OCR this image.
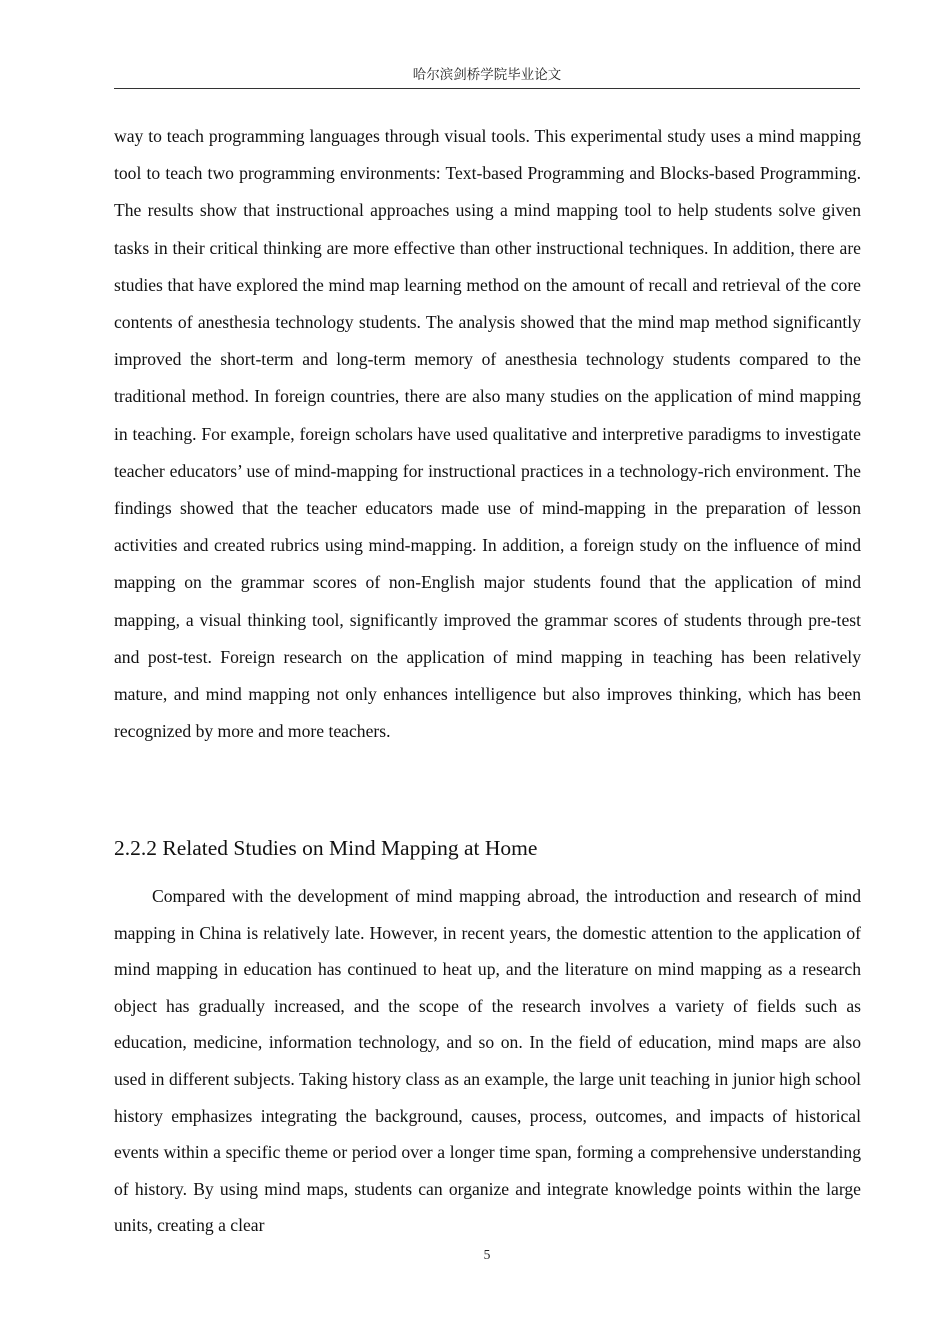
哈尔滨剑桥学院毕业论文

way to teach programming languages through visual tools. This experimental study uses a mind mapping tool to teach two programming environments: Text-based Programming and Blocks-based Programming. The results show that instructional approaches using a mind mapping tool to help students solve given tasks in their critical thinking are more effective than other instructional techniques. In addition, there are studies that have explored the mind map learning method on the amount of recall and retrieval of the core contents of anesthesia technology students. The analysis showed that the mind map method significantly improved the short-term and long-term memory of anesthesia technology students compared to the traditional method. In foreign countries, there are also many studies on the application of mind mapping in teaching. For example, foreign scholars have used qualitative and interpretive paradigms to investigate teacher educators’ use of mind-mapping for instructional practices in a technology-rich environment. The findings showed that the teacher educators made use of mind-mapping in the preparation of lesson activities and created rubrics using mind-mapping. In addition, a foreign study on the influence of mind mapping on the grammar scores of non-English major students found that the application of mind mapping, a visual thinking tool, significantly improved the grammar scores of students through pre-test and post-test. Foreign research on the application of mind mapping in teaching has been relatively mature, and mind mapping not only enhances intelligence but also improves thinking, which has been recognized by more and more teachers.

2.2.2 Related Studies on Mind Mapping at Home

Compared with the development of mind mapping abroad, the introduction and research of mind mapping in China is relatively late. However, in recent years, the domestic attention to the application of mind mapping in education has continued to heat up, and the literature on mind mapping as a research object has gradually increased, and the scope of the research involves a variety of fields such as education, medicine, information technology, and so on. In the field of education, mind maps are also used in different subjects. Taking history class as an example, the large unit teaching in junior high school history emphasizes integrating the background, causes, process, outcomes, and impacts of historical events within a specific theme or period over a longer time span, forming a comprehensive understanding of history. By using mind maps, students can organize and integrate knowledge points within the large units, creating a clear

5
